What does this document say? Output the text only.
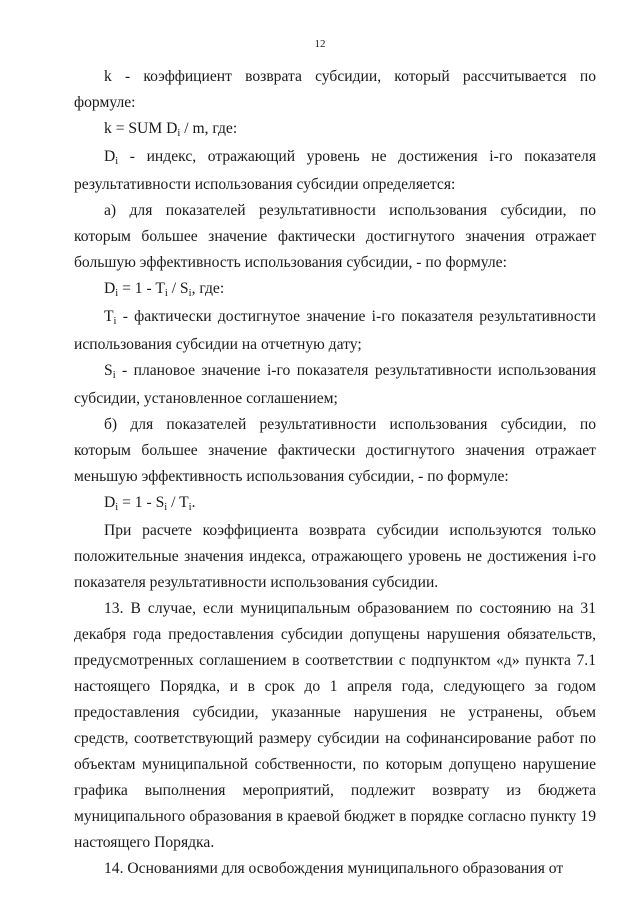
12

k - коэффициент возврата субсидии, который рассчитывается по формуле:

k = SUM $D_i$ / m, где:

$D_i$ - индекс, отражающий уровень не достижения i-го показателя результативности использования субсидии определяется:

а) для показателей результативности использования субсидии, по которым большее значение фактически достигнутого значения отражает большую эффективность использования субсидии, - по формуле:

$D_i = 1 - T_i / S_i$, где:

$T_i$ - фактически достигнутое значение i-го показателя результативности использования субсидии на отчетную дату;

$S_i$ - плановое значение i-го показателя результативности использования субсидии, установленное соглашением;

б) для показателей результативности использования субсидии, по которым большее значение фактически достигнутого значения отражает меньшую эффективность использования субсидии, - по формуле:

$D_i = 1 - S_i / T_i$.

При расчете коэффициента возврата субсидии используются только положительные значения индекса, отражающего уровень не достижения i-го показателя результативности использования субсидии.

13. В случае, если муниципальным образованием по состоянию на 31 декабря года предоставления субсидии допущены нарушения обязательств, предусмотренных соглашением в соответствии с подпунктом «д» пункта 7.1 настоящего Порядка, и в срок до 1 апреля года, следующего за годом предоставления субсидии, указанные нарушения не устранены, объем средств, соответствующий размеру субсидии на софинансирование работ по объектам муниципальной собственности, по которым допущено нарушение графика выполнения мероприятий, подлежит возврату из бюджета муниципального образования в краевой бюджет в порядке согласно пункту 19 настоящего Порядка.

14. Основаниями для освобождения муниципального образования от
